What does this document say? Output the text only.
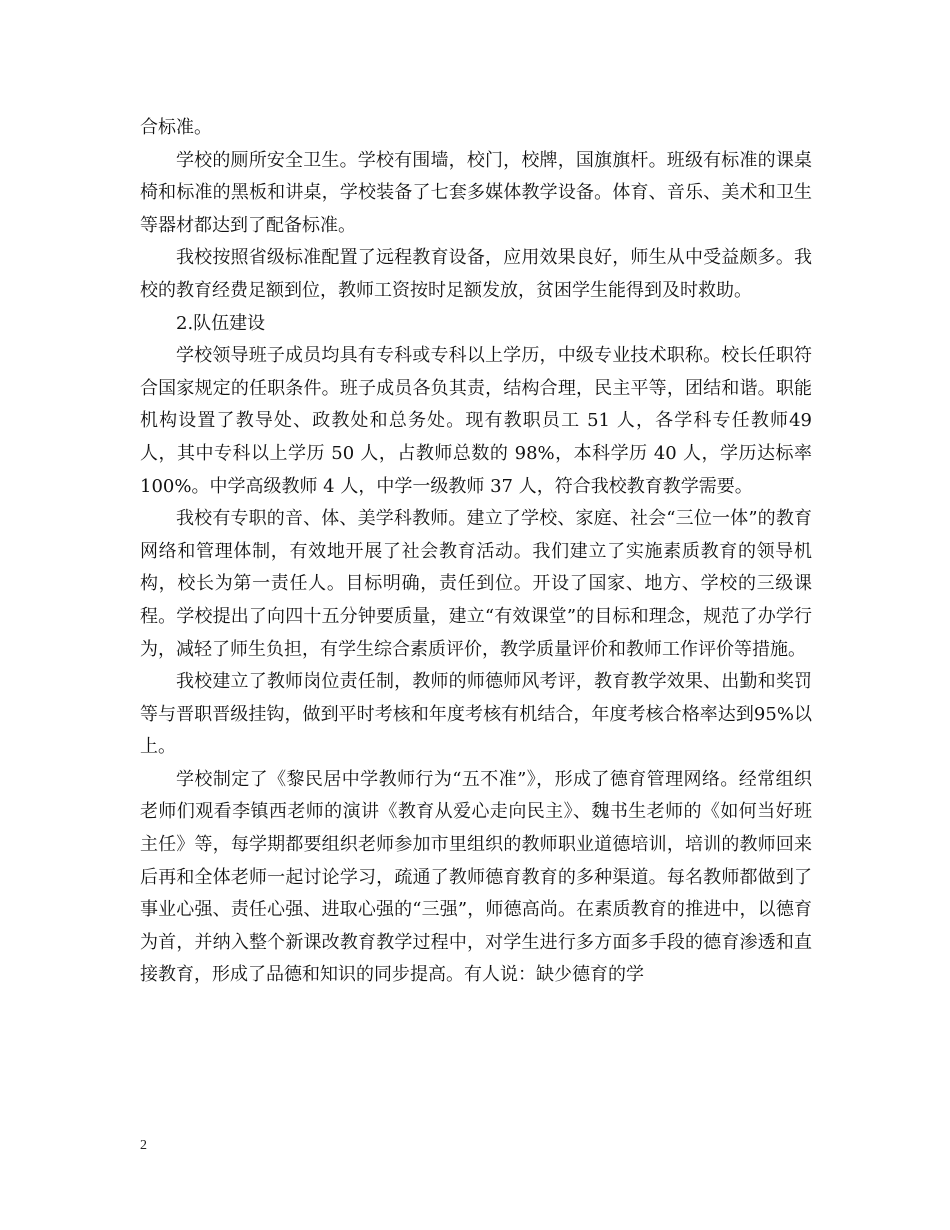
合标准。

学校的厕所安全卫生。学校有围墙，校门，校牌，国旗旗杆。班级有标准的课桌椅和标准的黑板和讲桌，学校装备了七套多媒体教学设备。体育、音乐、美术和卫生等器材都达到了配备标准。

我校按照省级标准配置了远程教育设备，应用效果良好，师生从中受益颇多。我校的教育经费足额到位，教师工资按时足额发放，贫困学生能得到及时救助。

2.队伍建设

学校领导班子成员均具有专科或专科以上学历，中级专业技术职称。校长任职符合国家规定的任职条件。班子成员各负其责，结构合理，民主平等，团结和谐。职能机构设置了教导处、政教处和总务处。现有教职员工 51 人，各学科专任教师49 人，其中专科以上学历 50 人，占教师总数的 98%，本科学历 40 人，学历达标率100%。中学高级教师 4 人，中学一级教师 37 人，符合我校教育教学需要。

我校有专职的音、体、美学科教师。建立了学校、家庭、社会“三位一体”的教育网络和管理体制，有效地开展了社会教育活动。我们建立了实施素质教育的领导机构，校长为第一责任人。目标明确，责任到位。开设了国家、地方、学校的三级课程。学校提出了向四十五分钟要质量，建立“有效课堂”的目标和理念，规范了办学行为，减轻了师生负担，有学生综合素质评价，教学质量评价和教师工作评价等措施。

我校建立了教师岗位责任制，教师的师德师风考评，教育教学效果、出勤和奖罚等与晋职晋级挂钩，做到平时考核和年度考核有机结合，年度考核合格率达到95%以上。

学校制定了《黎民居中学教师行为“五不准”》，形成了德育管理网络。经常组织老师们观看李镇西老师的演讲《教育从爱心走向民主》、魏书生老师的《如何当好班主任》等，每学期都要组织老师参加市里组织的教师职业道德培训，培训的教师回来后再和全体老师一起讨论学习，疏通了教师德育教育的多种渠道。每名教师都做到了事业心强、责任心强、进取心强的“三强”，师德高尚。在素质教育的推进中，以德育为首，并纳入整个新课改教育教学过程中，对学生进行多方面多手段的德育渗透和直接教育，形成了品德和知识的同步提高。有人说：缺少德育的学

2
